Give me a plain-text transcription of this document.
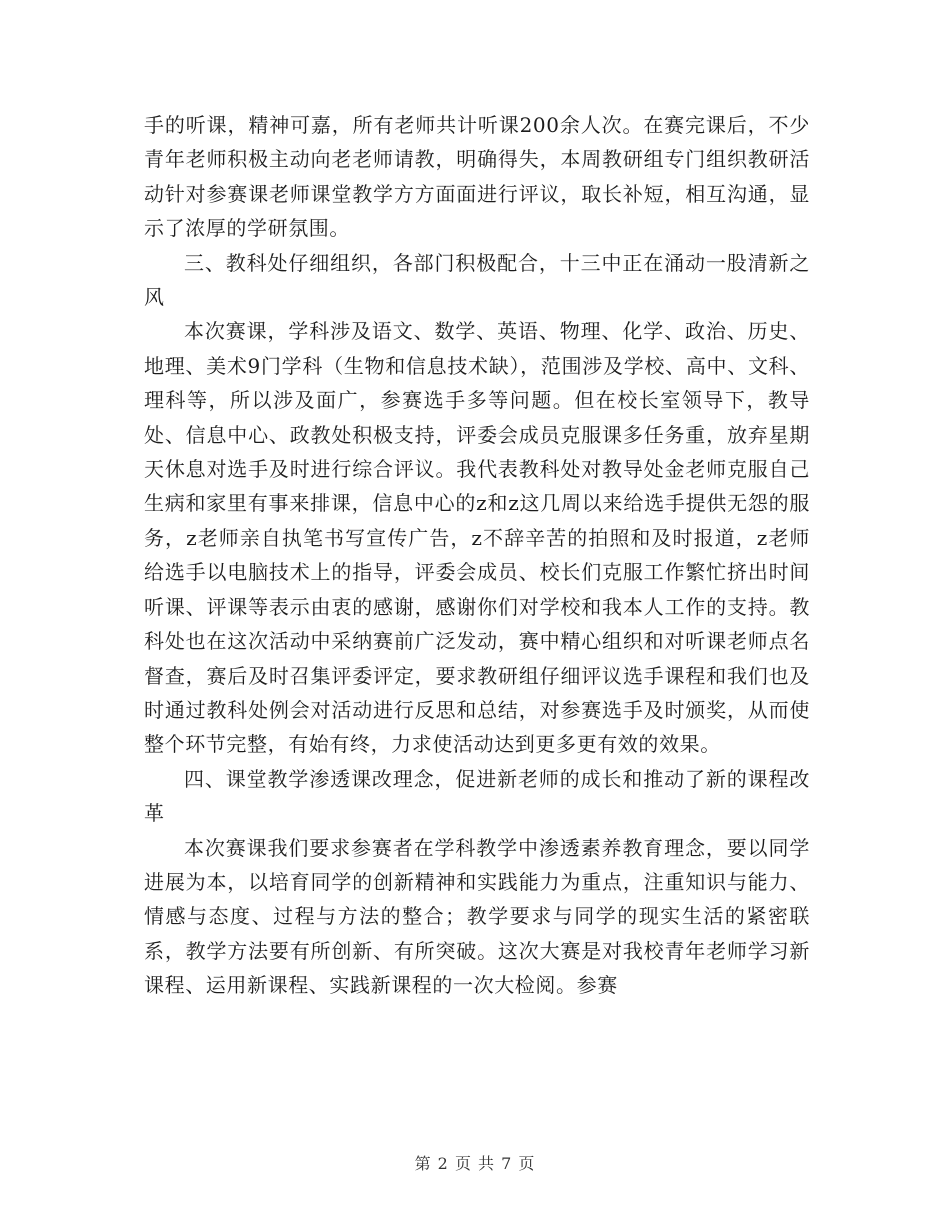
手的听课，精神可嘉，所有老师共计听课200余人次。在赛完课后，不少青年老师积极主动向老老师请教，明确得失，本周教研组专门组织教研活动针对参赛课老师课堂教学方方面面进行评议，取长补短，相互沟通，显示了浓厚的学研氛围。

三、教科处仔细组织，各部门积极配合，十三中正在涌动一股清新之风

本次赛课，学科涉及语文、数学、英语、物理、化学、政治、历史、地理、美术9门学科（生物和信息技术缺），范围涉及学校、高中、文科、理科等，所以涉及面广，参赛选手多等问题。但在校长室领导下，教导处、信息中心、政教处积极支持，评委会成员克服课多任务重，放弃星期天休息对选手及时进行综合评议。我代表教科处对教导处金老师克服自己生病和家里有事来排课，信息中心的z和z这几周以来给选手提供无怨的服务，z老师亲自执笔书写宣传广告，z不辞辛苦的拍照和及时报道，z老师给选手以电脑技术上的指导，评委会成员、校长们克服工作繁忙挤出时间听课、评课等表示由衷的感谢，感谢你们对学校和我本人工作的支持。教科处也在这次活动中采纳赛前广泛发动，赛中精心组织和对听课老师点名督查，赛后及时召集评委评定，要求教研组仔细评议选手课程和我们也及时通过教科处例会对活动进行反思和总结，对参赛选手及时颁奖，从而使整个环节完整，有始有终，力求使活动达到更多更有效的效果。

四、课堂教学渗透课改理念，促进新老师的成长和推动了新的课程改革

本次赛课我们要求参赛者在学科教学中渗透素养教育理念，要以同学进展为本，以培育同学的创新精神和实践能力为重点，注重知识与能力、情感与态度、过程与方法的整合；教学要求与同学的现实生活的紧密联系，教学方法要有所创新、有所突破。这次大赛是对我校青年老师学习新课程、运用新课程、实践新课程的一次大检阅。参赛

第 2 页 共 7 页
